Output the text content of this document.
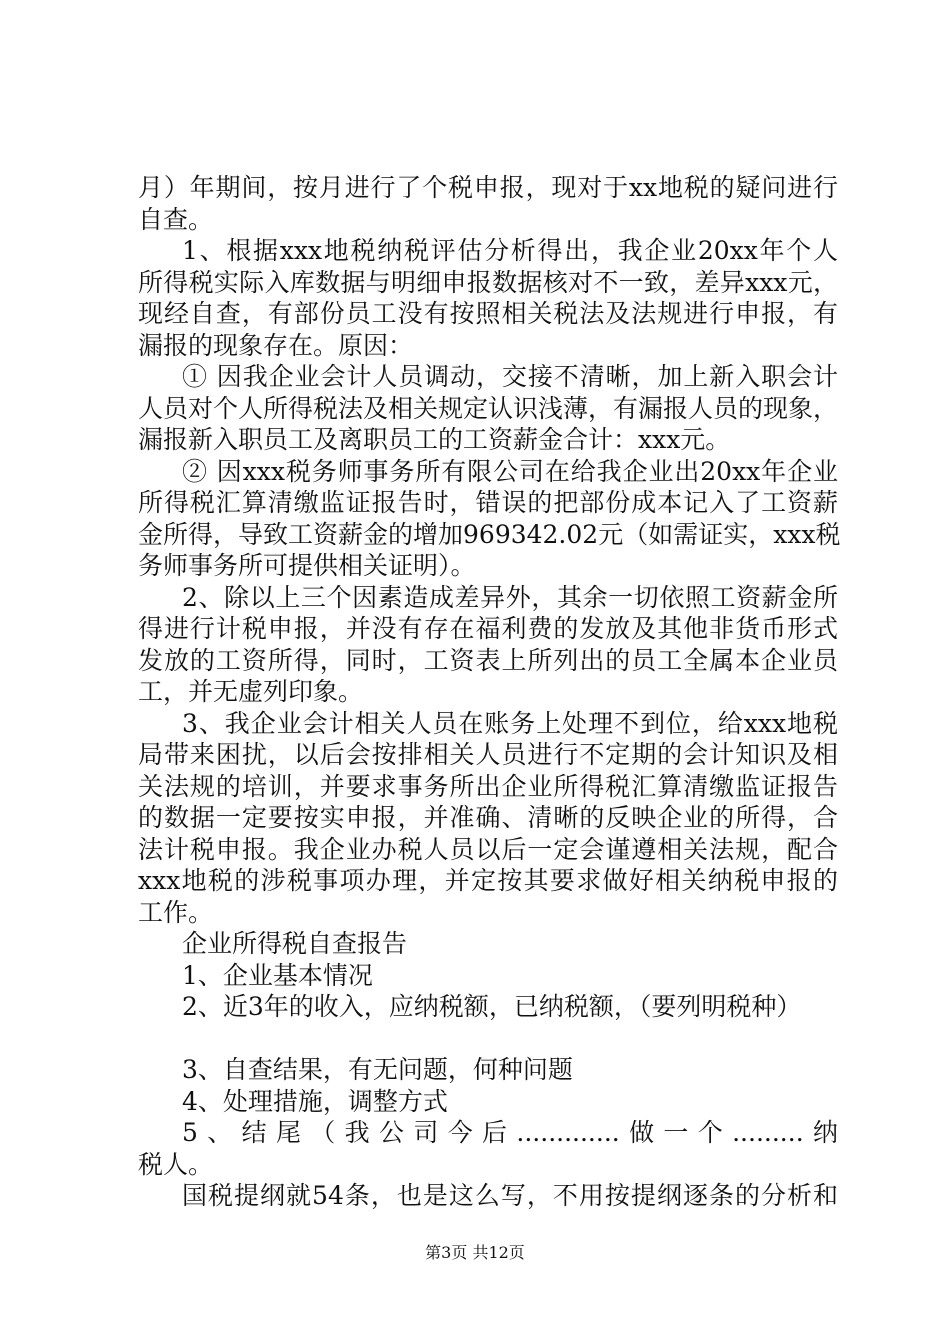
月）年期间，按月进行了个税申报，现对于xx地税的疑问进行
自查。
1、根据xxx地税纳税评估分析得出，我企业20xx年个人
所得税实际入库数据与明细申报数据核对不一致，差异xxx元，
现经自查，有部份员工没有按照相关税法及法规进行申报，有
漏报的现象存在。原因：
① 因我企业会计人员调动，交接不清晰，加上新入职会计
人员对个人所得税法及相关规定认识浅薄，有漏报人员的现象，
漏报新入职员工及离职员工的工资薪金合计：xxx元。
② 因xxx税务师事务所有限公司在给我企业出20xx年企业
所得税汇算清缴监证报告时，错误的把部份成本记入了工资薪
金所得，导致工资薪金的增加969342.02元（如需证实，xxx税
务师事务所可提供相关证明）。
2、除以上三个因素造成差异外，其余一切依照工资薪金所
得进行计税申报，并没有存在福利费的发放及其他非货币形式
发放的工资所得，同时，工资表上所列出的员工全属本企业员
工，并无虚列印象。
3、我企业会计相关人员在账务上处理不到位，给xxx地税
局带来困扰，以后会按排相关人员进行不定期的会计知识及相
关法规的培训，并要求事务所出企业所得税汇算清缴监证报告
的数据一定要按实申报，并准确、清晰的反映企业的所得，合
法计税申报。我企业办税人员以后一定会谨遵相关法规，配合
xxx地税的涉税事项办理，并定按其要求做好相关纳税申报的
工作。
企业所得税自查报告
1、企业基本情况
2、近3年的收入，应纳税额，已纳税额，（要列明税种）
3、自查结果，有无问题，何种问题
4、处理措施，调整方式
5、结尾（我公司今后.............做一个.........纳
税人。
国税提纲就54条，也是这么写，不用按提纲逐条的分析和
第3页 共12页
